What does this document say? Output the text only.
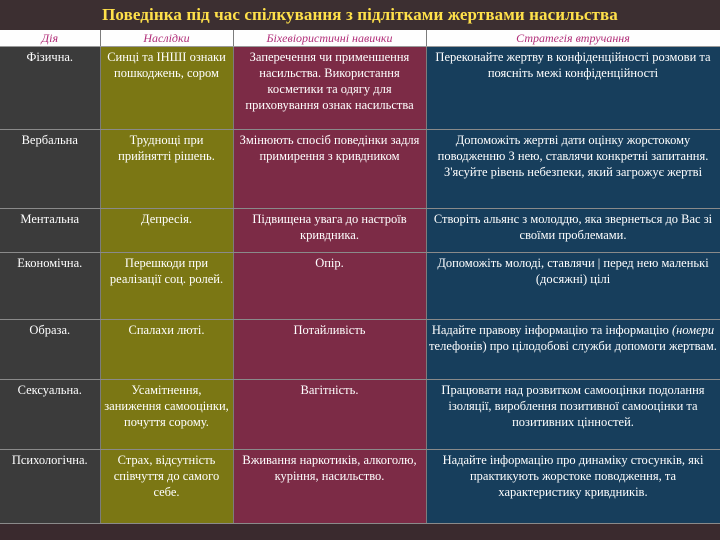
Поведінка під час спілкування з підлітками жертвами насильства
Дія	Наслідки	Біхевіористичні навички	Стратегія втручання
Фізична.	Синці та ІНШІ ознаки пошкоджень, сором	Заперечення чи применшення насильства. Використання косметики та одягу для приховування ознак насильства	Переконайте жертву в конфіденційності розмови та поясніть межі конфіденційності
Вербальна	Труднощі при прийнятті рішень.	Змінюють спосіб поведінки задля примирення з кривдником	Допоможіть жертві дати оцінку жорстокому поводженню З нею, ставлячи конкретні запитання. З'ясуйте рівень небезпеки, який загрожує жертві
Ментальна	Депресія.	Підвищена увага до настроїв кривдника.	Створіть альянс з молоддю, яка звернеться до Вас зі своїми проблемами.
Економічна.	Перешкоди при реалізації соц. ролей.	Опір.	Допоможіть молоді, ставлячи | перед нею маленькі (досяжні) цілі
Образа.	Спалахи люті.	Потайливість	Надайте правову інформацію та інформацію (номери телефонів) про цілодобові служби допомоги жертвам.
Сексуальна.	Усамітнення, заниження самооцінки, почуття сорому.	Вагітність.	Працювати над розвитком самооцінки подолання ізоляції, вироблення позитивної самооцінки та позитивних цінностей.
Психологічна.	Страх, відсутність співчуття до самого себе.	Вживання наркотиків, алкоголю, куріння, насильство.	Надайте інформацію про динаміку стосунків, які практикують жорстоке поводження, та характеристику кривдників.
